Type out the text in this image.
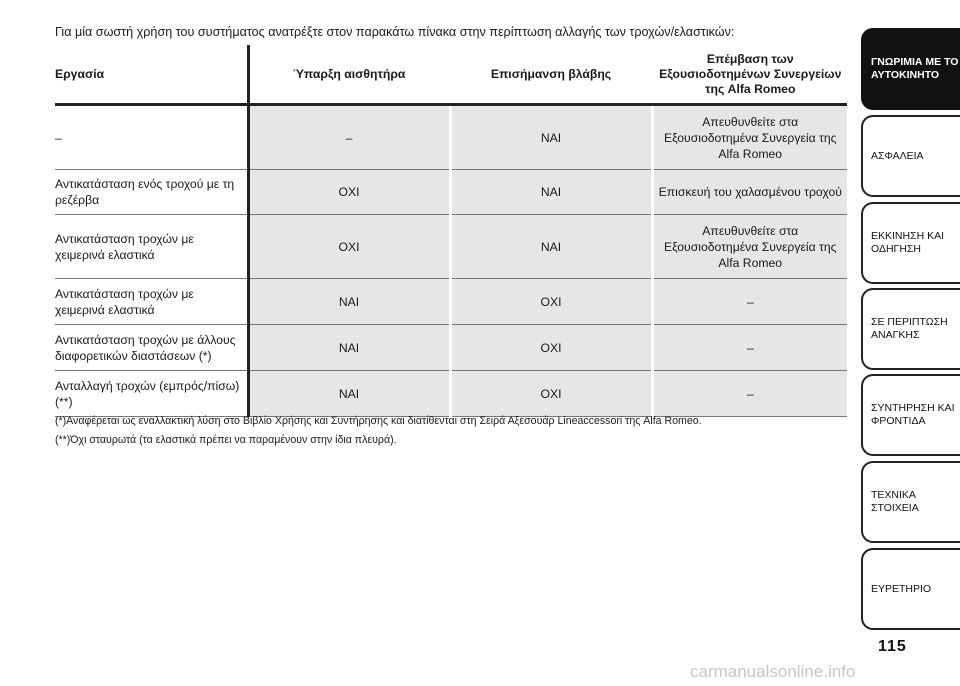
Για μία σωστή χρήση του συστήματος ανατρέξτε στον παρακάτω πίνακα στην περίπτωση αλλαγής των τροχών/ελαστικών:
Εργασία	Ύπαρξη αισθητήρα	Επισήμανση βλάβης	Επέμβαση των Εξουσιοδοτημένων Συνεργείων της Alfa Romeo
–	–	ΝΑΙ	Απευθυνθείτε στα Εξουσιοδοτημένα Συνεργεία της Alfa Romeo
Αντικατάσταση ενός τροχού με τη ρεζέρβα	ΟΧΙ	ΝΑΙ	Επισκευή του χαλασμένου τροχού
Αντικατάσταση τροχών με χειμερινά ελαστικά	ΟΧΙ	ΝΑΙ	Απευθυνθείτε στα Εξουσιοδοτημένα Συνεργεία της Alfa Romeo
Αντικατάσταση τροχών με χειμερινά ελαστικά	ΝΑΙ	ΟΧΙ	–
Αντικατάσταση τροχών με άλλους διαφορετικών διαστάσεων (*)	ΝΑΙ	ΟΧΙ	–
Ανταλλαγή τροχών (εμπρός/πίσω)(**)	ΝΑΙ	ΟΧΙ	–
(*)Αναφέρεται ως εναλλακτική λύση στο Βιβλίο Χρήσης και Συντήρησης και διατίθενται στη Σειρά Αξεσουάρ Lineaccessori της Alfa Romeo.
(**)Όχι σταυρωτά (τα ελαστικά πρέπει να παραμένουν στην ίδια πλευρά).
ΓΝΩΡΙΜΙΑ ΜΕ ΤΟ
ΑΥΤΟΚΙΝΗΤΟ
ΑΣΦΑΛΕΙΑ
ΕΚΚΙΝΗΣΗ ΚΑΙ
ΟΔΗΓΗΣΗ
ΣΕ ΠΕΡΙΠΤΩΣΗ
ΑΝΑΓΚΗΣ
ΣΥΝΤΗΡΗΣΗ ΚΑΙ
ΦΡΟΝΤΙΔΑ
ΤΕΧΝΙΚΑ ΣΤΟΙΧΕΙΑ
ΕΥΡΕΤΗΡΙΟ
115
carmanualsonline.info
